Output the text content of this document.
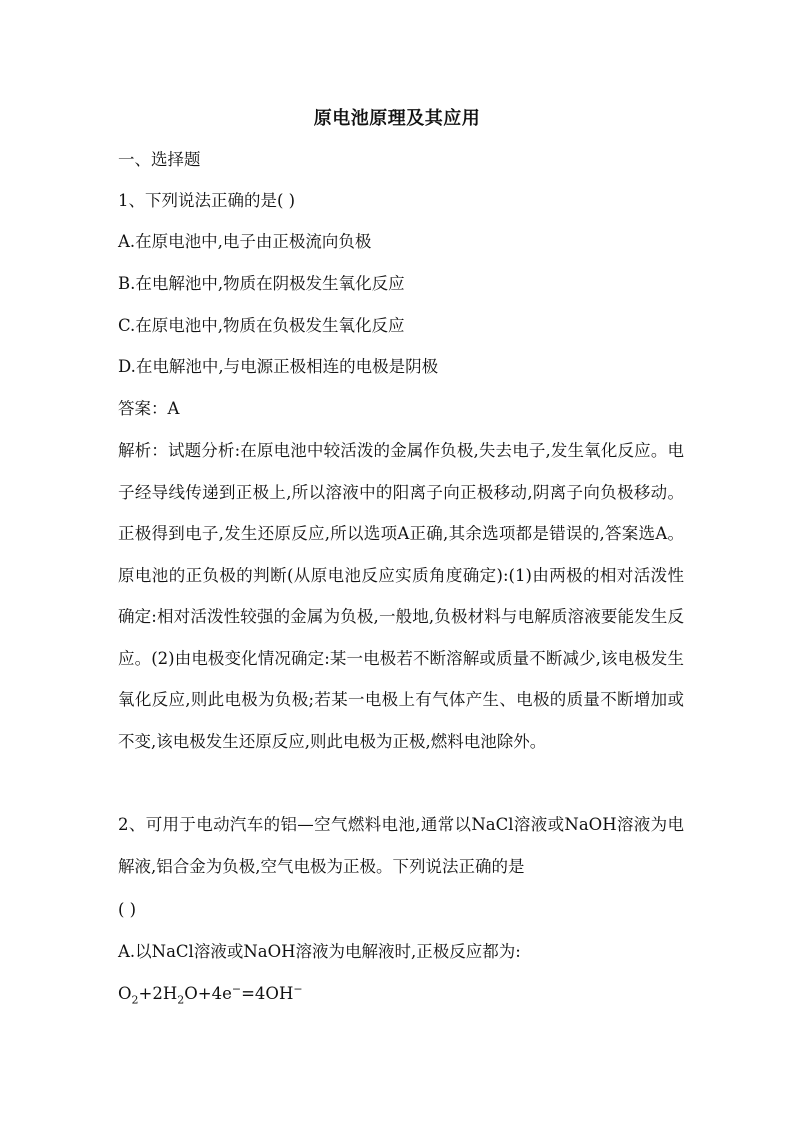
原电池原理及其应用
一、选择题
1、下列说法正确的是( )
A.在原电池中,电子由正极流向负极
B.在电解池中,物质在阴极发生氧化反应
C.在原电池中,物质在负极发生氧化反应
D.在电解池中,与电源正极相连的电极是阴极
答案：A
解析：试题分析:在原电池中较活泼的金属作负极,失去电子,发生氧化反应。电子经导线传递到正极上,所以溶液中的阳离子向正极移动,阴离子向负极移动。正极得到电子,发生还原反应,所以选项A正确,其余选项都是错误的,答案选A。原电池的正负极的判断(从原电池反应实质角度确定):(1)由两极的相对活泼性确定:相对活泼性较强的金属为负极,一般地,负极材料与电解质溶液要能发生反应。(2)由电极变化情况确定:某一电极若不断溶解或质量不断减少,该电极发生氧化反应,则此电极为负极;若某一电极上有气体产生、电极的质量不断增加或不变,该电极发生还原反应,则此电极为正极,燃料电池除外。
2、可用于电动汽车的铝—空气燃料电池,通常以NaCl溶液或NaOH溶液为电解液,铝合金为负极,空气电极为正极。下列说法正确的是
( )
A.以NaCl溶液或NaOH溶液为电解液时,正极反应都为:
$O_2+2H_2O+4e^-=4OH^-$
